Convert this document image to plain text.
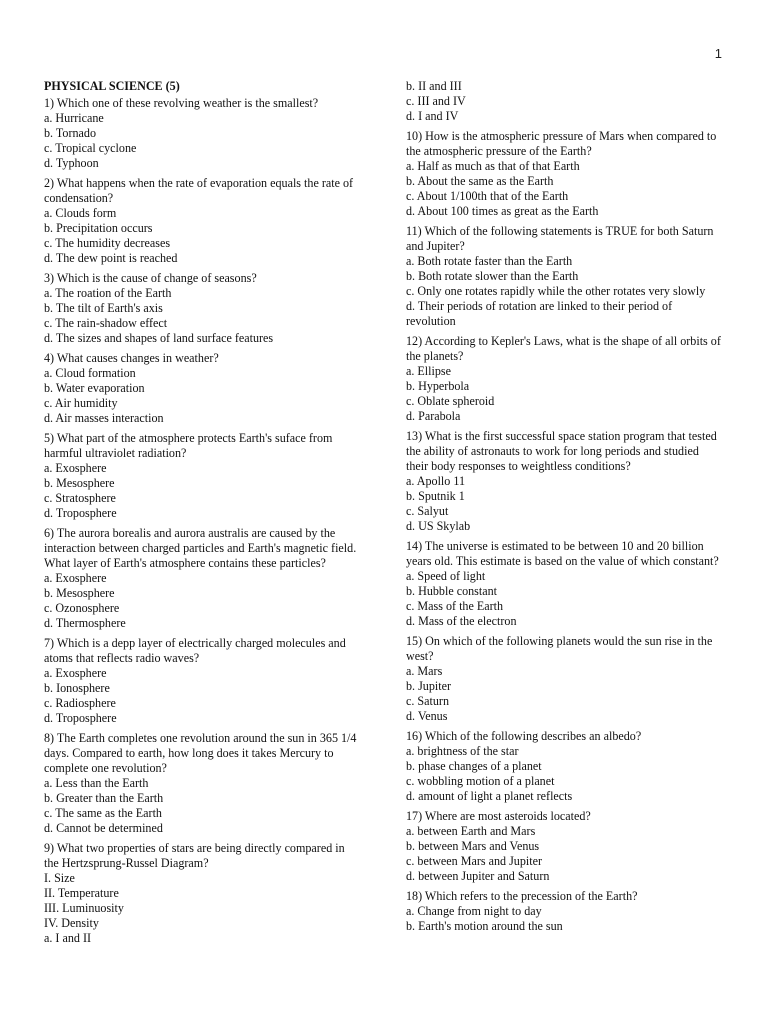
1
PHYSICAL SCIENCE (5)
1) Which one of these revolving weather is the smallest?
a. Hurricane
b. Tornado
c. Tropical cyclone
d. Typhoon
2) What happens when the rate of evaporation equals the rate of condensation?
a. Clouds form
b. Precipitation occurs
c. The humidity decreases
d. The dew point is reached
3) Which is the cause of change of seasons?
a. The roation of the Earth
b. The tilt of Earth's axis
c. The rain-shadow effect
d. The sizes and shapes of land surface features
4) What causes changes in weather?
a. Cloud formation
b. Water evaporation
c. Air humidity
d. Air masses interaction
5) What part of the atmosphere protects Earth's suface from harmful ultraviolet radiation?
a. Exosphere
b. Mesosphere
c. Stratosphere
d. Troposphere
6) The aurora borealis and aurora australis are caused by the interaction between charged particles and Earth's magnetic field. What layer of Earth's atmosphere contains these particles?
a. Exosphere
b. Mesosphere
c. Ozonosphere
d. Thermosphere
7) Which is a depp layer of electrically charged molecules and atoms that reflects radio waves?
a. Exosphere
b. Ionosphere
c. Radiosphere
d. Troposphere
8) The Earth completes one revolution around the sun in 365 1/4 days. Compared to earth, how long does it takes Mercury to complete one revolution?
a. Less than the Earth
b. Greater than the Earth
c. The same as the Earth
d. Cannot be determined
9) What two properties of stars are being directly compared in the Hertzsprung-Russel Diagram?
I. Size
II. Temperature
III. Luminuosity
IV. Density
a. I and II
b. II and III
c. III and IV
d. I and IV
10) How is the atmospheric pressure of Mars when compared to the atmospheric pressure of the Earth?
a. Half as much as that of that Earth
b. About the same as the Earth
c. About 1/100th that of the Earth
d. About 100 times as great as the Earth
11) Which of the following statements is TRUE for both Saturn and Jupiter?
a. Both rotate faster than the Earth
b. Both rotate slower than the Earth
c. Only one rotates rapidly while the other rotates very slowly
d. Their periods of rotation are linked to their period of revolution
12) According to Kepler's Laws, what is the shape of all orbits of the planets?
a. Ellipse
b. Hyperbola
c. Oblate spheroid
d. Parabola
13) What is the first successful space station program that tested the ability of astronauts to work for long periods and studied their body responses to weightless conditions?
a. Apollo 11
b. Sputnik 1
c. Salyut
d. US Skylab
14) The universe is estimated to be between 10 and 20 billion years old. This estimate is based on the value of which constant?
a. Speed of light
b. Hubble constant
c. Mass of the Earth
d. Mass of the electron
15) On which of the following planets would the sun rise in the west?
a. Mars
b. Jupiter
c. Saturn
d. Venus
16) Which of the following describes an albedo?
a. brightness of the star
b. phase changes of a planet
c. wobbling motion of a planet
d. amount of light a planet reflects
17) Where are most asteroids located?
a. between Earth and Mars
b. between Mars and Venus
c. between Mars and Jupiter
d. between Jupiter and Saturn
18) Which refers to the precession of the Earth?
a. Change from night to day
b. Earth's motion around the sun
